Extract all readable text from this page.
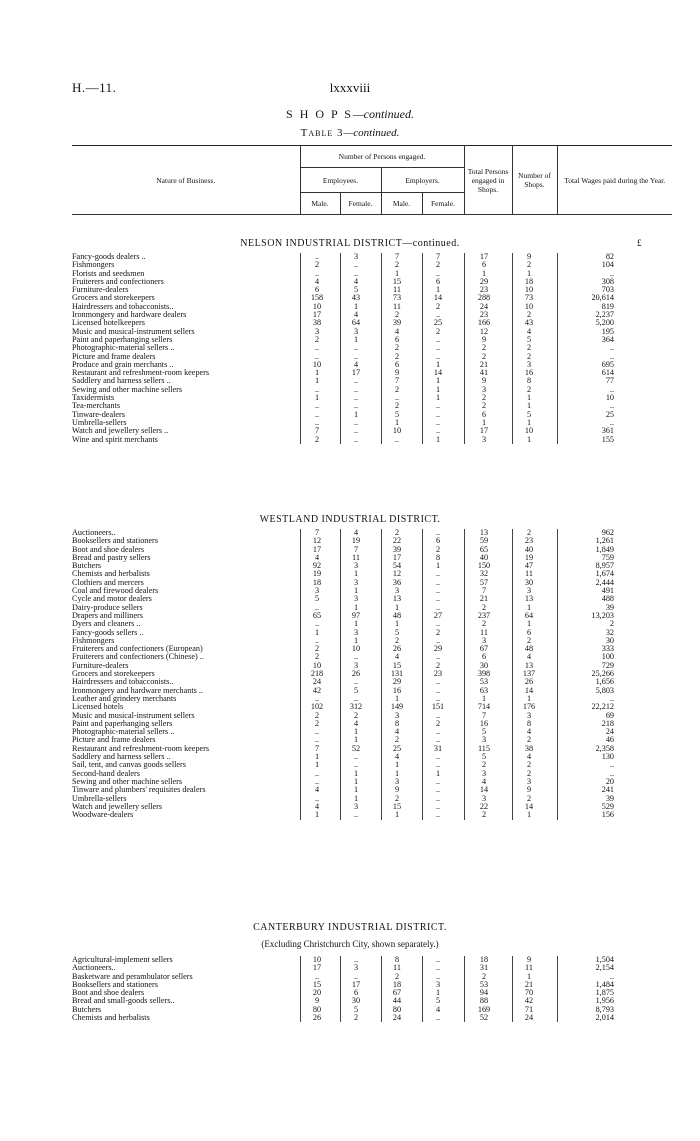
H.—11.	lxxxviii
S H O P S—continued.
Table 3—continued.
Nature of Business.	Number of Persons engaged.				Total Persons engaged in Shops.	Number of Shops.	Total Wages paid during the Year.
	Employees.		Employers.				
	Male.	Female.	Male.	Female.			
£
NELSON INDUSTRIAL DISTRICT—continued.
Fancy-goods dealers ..	..	3	7	7	17	9	82
Fishmongers	2	..	2	2	6	2	104
Florists and seedsmen	..	..	1	..	1	1	..
Fruiterers and confectioners	4	4	15	6	29	18	308
Furniture-dealers	6	5	11	1	23	10	703
Grocers and storekeepers	158	43	73	14	288	73	20,614
Hairdressers and tobacconists..	10	1	11	2	24	10	819
Ironmongery and hardware dealers	17	4	2	..	23	2	2,237
Licensed hotelkeepers	38	64	39	25	166	43	5,200
Music and musical-instrument sellers	3	3	4	2	12	4	195
Paint and paperhanging sellers	2	1	6	..	9	5	364
Photographic-material sellers ..	..	..	2	..	2	2	..
Picture and frame dealers	..	..	2	..	2	2	..
Produce and grain merchants ..	10	4	6	1	21	3	695
Restaurant and refreshment-room keepers	1	17	9	14	41	16	614
Saddlery and harness sellers ..	1	..	7	1	9	8	77
Sewing and other machine sellers	..	..	2	1	3	2	..
Taxidermists	1	..	..	1	2	1	10
Tea-merchants	..	..	2	..	2	1	..
Tinware-dealers	..	1	5	..	6	5	25
Umbrella-sellers	..	..	1	..	1	1	..
Watch and jewellery sellers ..	7	..	10	..	17	10	361
Wine and spirit merchants	2	..	..	1	3	1	155
WESTLAND INDUSTRIAL DISTRICT.
Auctioneers..	7	4	2	..	13	2	962
Booksellers and stationers	12	19	22	6	59	23	1,261
Boot and shoe dealers	17	7	39	2	65	40	1,849
Bread and pastry sellers	4	11	17	8	40	19	759
Butchers	92	3	54	1	150	47	8,957
Chemists and herbalists	19	1	12	..	32	11	1,674
Clothiers and mercers	18	3	36	..	57	30	2,444
Coal and firewood dealers	3	1	3	..	7	3	491
Cycle and motor dealers	5	3	13	..	21	13	488
Dairy-produce sellers	..	1	1	..	2	1	39
Drapers and milliners	65	97	48	27	237	64	13,203
Dyers and cleaners ..	..	1	1	..	2	1	2
Fancy-goods sellers ..	1	3	5	2	11	6	32
Fishmongers	..	1	2	..	3	2	30
Fruiterers and confectioners (European)	2	10	26	29	67	48	333
Fruiterers and confectioners (Chinese) ..	2	..	4	..	6	4	100
Furniture-dealers	10	3	15	2	30	13	729
Grocers and storekeepers	218	26	131	23	398	137	25,266
Hairdressers and tobacconists..	24	..	29	..	53	26	1,656
Ironmongery and hardware merchants ..	42	5	16	..	63	14	5,803
Leather and grindery merchants	..	..	1	..	1	1	..
Licensed hotels	102	312	149	151	714	176	22,212
Music and musical-instrument sellers	2	2	3	..	7	3	69
Paint and paperhanging sellers	2	4	8	2	16	8	218
Photographic-material sellers ..	..	1	4	..	5	4	24
Picture and frame dealers	..	1	2	..	3	2	46
Restaurant and refreshment-room keepers	7	52	25	31	115	38	2,358
Saddlery and harness sellers ..	1	..	4	..	5	4	130
Sail, tent, and canvas goods sellers	1	..	1	..	2	2	..
Second-hand dealers	..	1	1	1	3	2	..
Sewing and other machine sellers	..	1	3	..	4	3	20
Tinware and plumbers' requisites dealers	4	1	9	..	14	9	241
Umbrella-sellers	..	1	2	..	3	2	39
Watch and jewellery sellers	4	3	15	..	22	14	529
Woodware-dealers	1	..	1	..	2	1	156
CANTERBURY INDUSTRIAL DISTRICT.
(Excluding Christchurch City, shown separately.)
Agricultural-implement sellers	10	..	8	..	18	9	1,504
Auctioneers..	17	3	11	..	31	11	2,154
Basketware and perambulator sellers	..	..	2	..	2	1	..
Booksellers and stationers	15	17	18	3	53	21	1,484
Boot and shoe dealers	20	6	67	1	94	70	1,875
Bread and small-goods sellers..	9	30	44	5	88	42	1,956
Butchers	80	5	80	4	169	71	8,793
Chemists and herbalists	26	2	24	..	52	24	2,014
